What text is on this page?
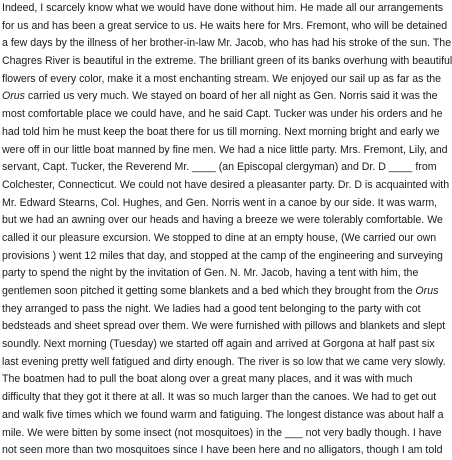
Indeed, I scarcely know what we would have done without him. He made all our arrangements
for us and has been a great service to us. He waits here for Mrs. Fremont, who will be detained
a few days by the illness of her brother-in-law Mr. Jacob, who has had his stroke of the sun. The
Chagres River is beautiful in the extreme. The brilliant green of its banks overhung with beautiful
flowers of every color, make it a most enchanting stream. We enjoyed our sail up as far as the
Orus carried us very much. We stayed on board of her all night as Gen. Norris said it was the
most comfortable place we could have, and he said Capt. Tucker was under his orders and he
had told him he must keep the boat there for us till morning. Next morning bright and early we
were off in our little boat manned by fine men. We had a nice little party. Mrs. Fremont, Lily, and
servant, Capt. Tucker, the Reverend Mr. ____ (an Episcopal clergyman) and Dr. D ____ from
Colchester, Connecticut. We could not have desired a pleasanter party. Dr. D is acquainted with
Mr. Edward Stearns, Col. Hughes, and Gen. Norris went in a canoe by our side. It was warm,
but we had an awning over our heads and having a breeze we were tolerably comfortable. We
called it our pleasure excursion. We stopped to dine at an empty house, (We carried our own
provisions ) went 12 miles that day, and stopped at the camp of the engineering and surveying
party to spend the night by the invitation of Gen. N. Mr. Jacob, having a tent with him, the
gentlemen soon pitched it getting some blankets and a bed which they brought from the Orus
they arranged to pass the night. We ladies had a good tent belonging to the party with cot
bedsteads and sheet spread over them. We were furnished with pillows and blankets and slept
soundly. Next morning (Tuesday) we started off again and arrived at Gorgona at half past six
last evening pretty well fatigued and dirty enough. The river is so low that we came very slowly.
The boatmen had to pull the boat along over a great many places, and it was with much
difficulty that they got it there at all. It was so much larger than the canoes. We had to get out
and walk five times which we found warm and fatiguing. The longest distance was about half a
mile. We were bitten by some insect (not mosquitoes) in the ___ not very badly though. I have
not seen more than two mosquitoes since I have been here and no alligators, though I am told
